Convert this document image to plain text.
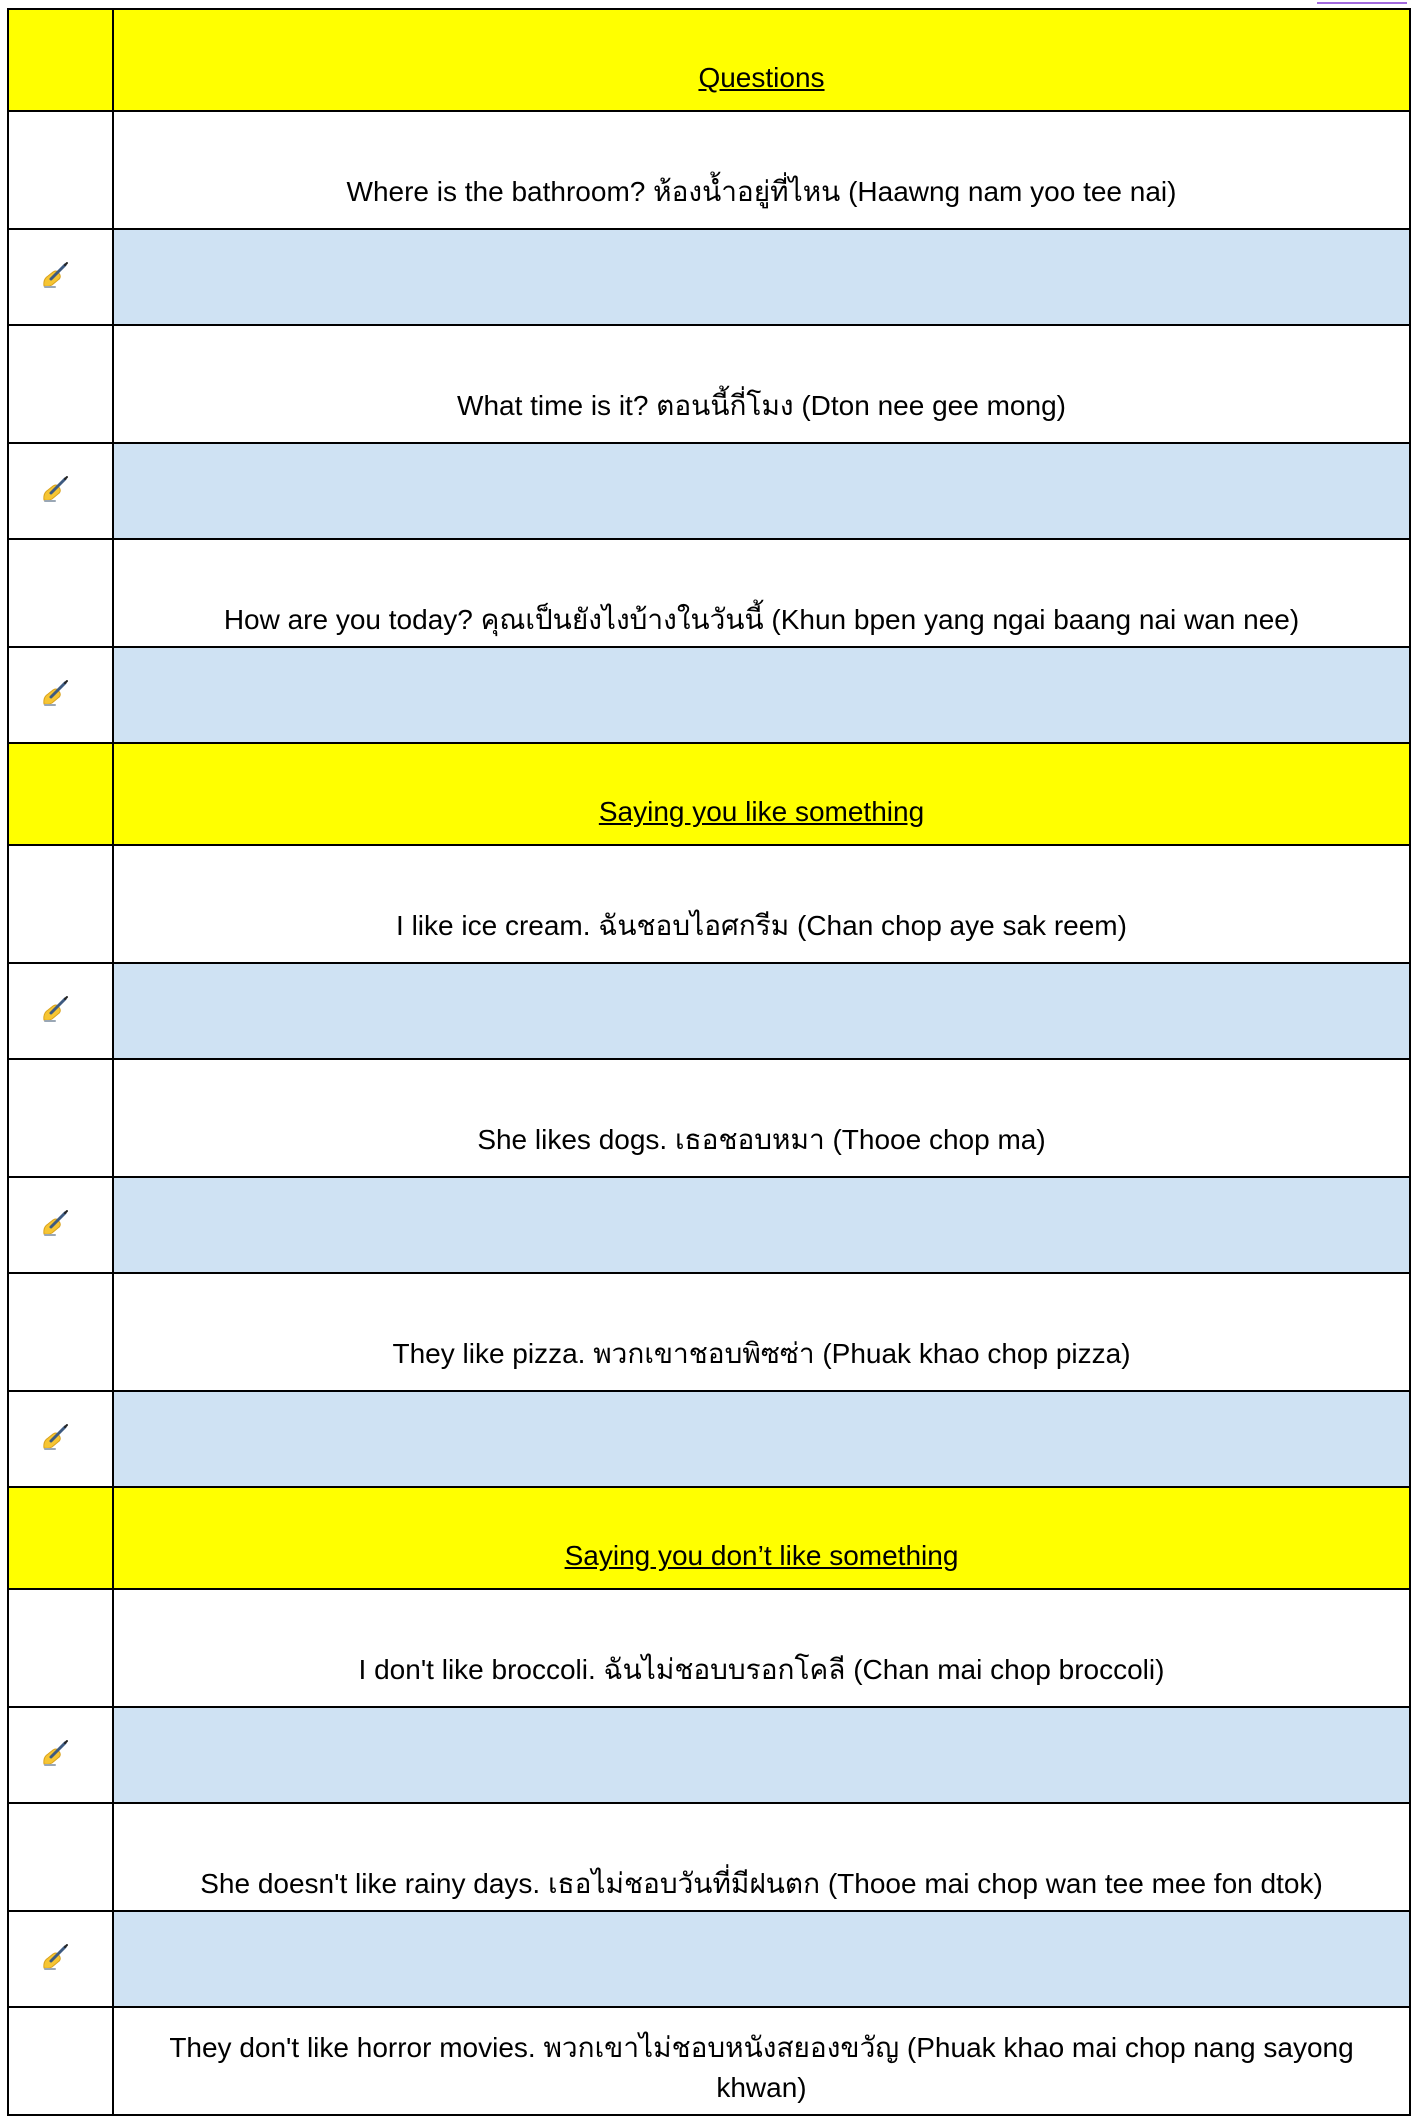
	Questions
	Where is the bathroom? ห้องน้ำอยู่ที่ไหน (Haawng nam yoo tee nai)

	What time is it? ตอนนี้กี่โมง (Dton nee gee mong)

	How are you today? คุณเป็นยังไงบ้างในวันนี้ (Khun bpen yang ngai baang nai wan nee)

	Saying you like something
	I like ice cream. ฉันชอบไอศกรีม (Chan chop aye sak reem)

	She likes dogs. เธอชอบหมา (Thooe chop ma)

	They like pizza. พวกเขาชอบพิซซ่า (Phuak khao chop pizza)

	Saying you don’t like something
	I don't like broccoli. ฉันไม่ชอบบรอกโคลี (Chan mai chop broccoli)

	She doesn't like rainy days. เธอไม่ชอบวันที่มีฝนตก (Thooe mai chop wan tee mee fon dtok)

	They don't like horror movies. พวกเขาไม่ชอบหนังสยองขวัญ (Phuak khao mai chop nang sayong khwan)
